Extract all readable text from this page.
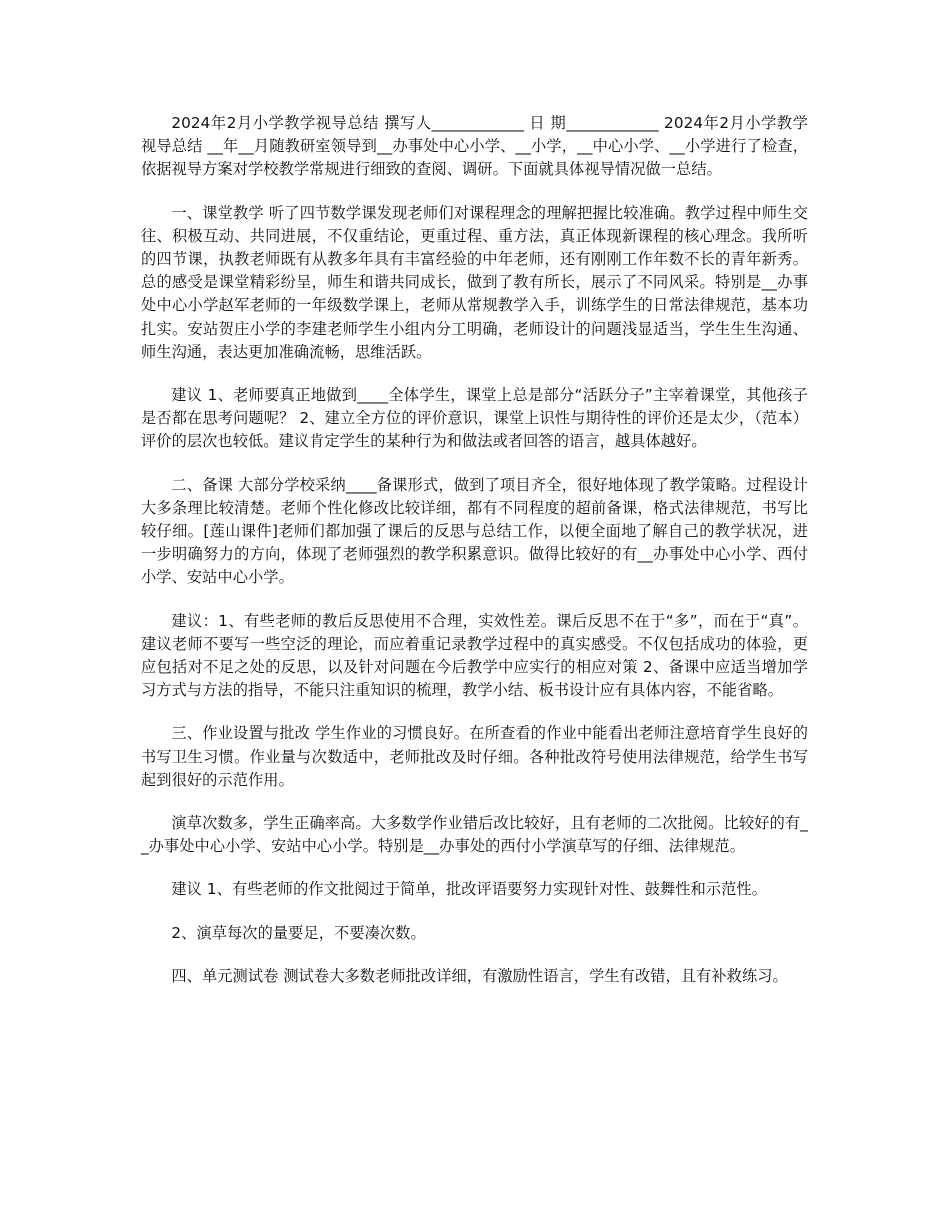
2024年2月小学教学视导总结 撰写人____________ 日 期____________ 2024年2月小学教学视导总结 __年__月随教研室领导到__办事处中心小学、__小学，__中心小学、__小学进行了检查，依据视导方案对学校教学常规进行细致的查阅、调研。下面就具体视导情况做一总结。

一、课堂教学 听了四节数学课发现老师们对课程理念的理解把握比较准确。教学过程中师生交往、积极互动、共同进展，不仅重结论，更重过程、重方法，真正体现新课程的核心理念。我所听的四节课，执教老师既有从教多年具有丰富经验的中年老师，还有刚刚工作年数不长的青年新秀。总的感受是课堂精彩纷呈，师生和谐共同成长，做到了教有所长，展示了不同风采。特别是__办事处中心小学赵军老师的一年级数学课上，老师从常规教学入手，训练学生的日常法律规范，基本功扎实。安站贺庄小学的李建老师学生小组内分工明确，老师设计的问题浅显适当，学生生生沟通、师生沟通，表达更加准确流畅，思维活跃。

建议 1、老师要真正地做到____全体学生，课堂上总是部分“活跃分子”主宰着课堂，其他孩子是否都在思考问题呢？ 2、建立全方位的评价意识，课堂上识性与期待性的评价还是太少，（范本）评价的层次也较低。建议肯定学生的某种行为和做法或者回答的语言，越具体越好。

二、备课 大部分学校采纳____备课形式，做到了项目齐全，很好地体现了教学策略。过程设计大多条理比较清楚。老师个性化修改比较详细，都有不同程度的超前备课，格式法律规范，书写比较仔细。[莲山课件]老师们都加强了课后的反思与总结工作，以便全面地了解自己的教学状况，进一步明确努力的方向，体现了老师强烈的教学积累意识。做得比较好的有__办事处中心小学、西付小学、安站中心小学。

建议：1、有些老师的教后反思使用不合理，实效性差。课后反思不在于“多”，而在于“真”。建议老师不要写一些空泛的理论，而应着重记录教学过程中的真实感受。不仅包括成功的体验，更应包括对不足之处的反思，以及针对问题在今后教学中应实行的相应对策 2、备课中应适当增加学习方式与方法的指导，不能只注重知识的梳理，教学小结、板书设计应有具体内容，不能省略。

三、作业设置与批改 学生作业的习惯良好。在所查看的作业中能看出老师注意培育学生良好的书写卫生习惯。作业量与次数适中，老师批改及时仔细。各种批改符号使用法律规范，给学生书写起到很好的示范作用。

演草次数多，学生正确率高。大多数学作业错后改比较好，且有老师的二次批阅。比较好的有__办事处中心小学、安站中心小学。特别是__办事处的西付小学演草写的仔细、法律规范。

建议 1、有些老师的作文批阅过于简单，批改评语要努力实现针对性、鼓舞性和示范性。

2、演草每次的量要足，不要凑次数。

四、单元测试卷 测试卷大多数老师批改详细，有激励性语言，学生有改错，且有补救练习。
